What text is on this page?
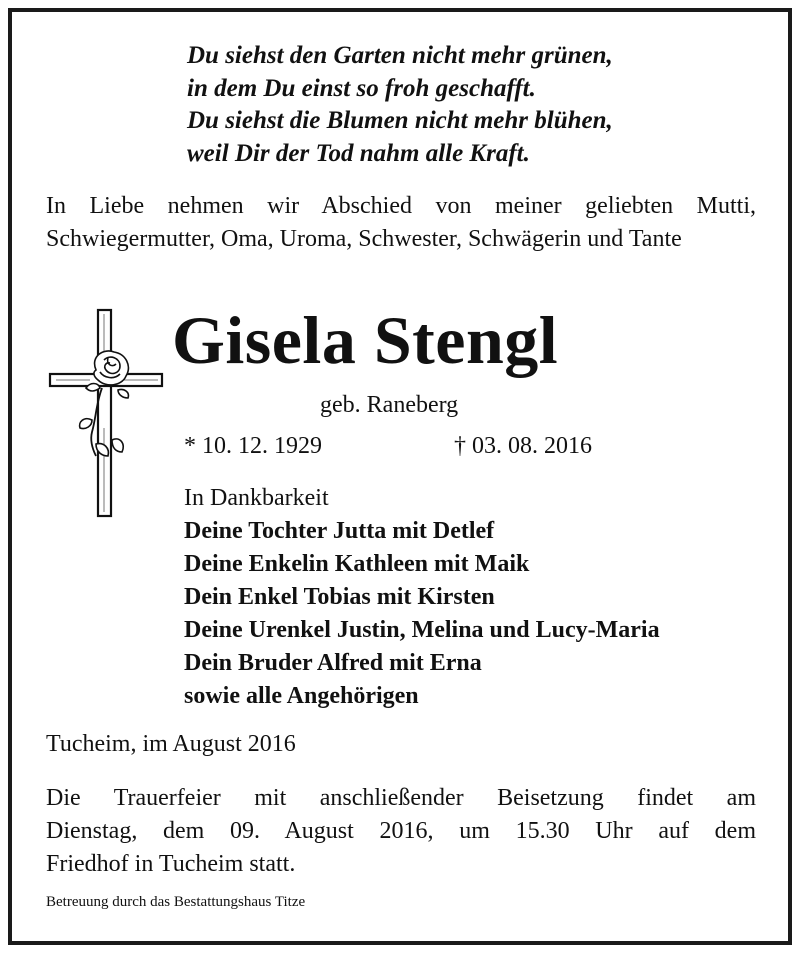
Du siehst den Garten nicht mehr grünen,
in dem Du einst so froh geschafft.
Du siehst die Blumen nicht mehr blühen,
weil Dir der Tod nahm alle Kraft.
In Liebe nehmen wir Abschied von meiner geliebten Mutti, Schwiegermutter, Oma, Uroma, Schwester, Schwägerin und Tante
Gisela Stengl
geb. Raneberg
* 10. 12. 1929	† 03. 08. 2016
In Dankbarkeit
Deine Tochter Jutta mit Detlef
Deine Enkelin Kathleen mit Maik
Dein Enkel Tobias mit Kirsten
Deine Urenkel Justin, Melina und Lucy-Maria
Dein Bruder Alfred mit Erna
sowie alle Angehörigen
Tucheim, im August 2016
Die Trauerfeier mit anschließender Beisetzung findet am
Dienstag, dem 09. August 2016, um 15.30 Uhr auf dem
Friedhof in Tucheim statt.
Betreuung durch das Bestattungshaus Titze
